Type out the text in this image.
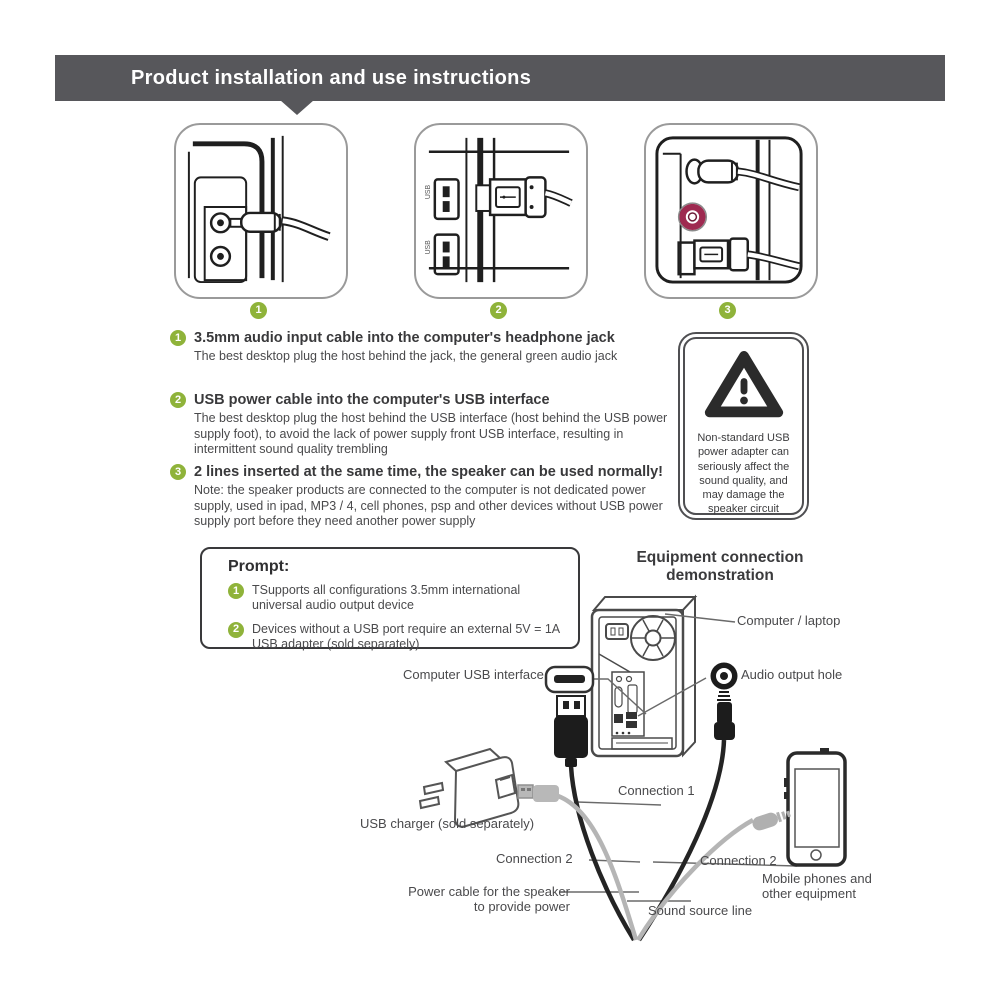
Product installation and use instructions
1
USB
USB
2	3
1 3.5mm audio input cable into the computer's headphone jack
The best desktop plug the host behind the jack, the general green audio jack
2 USB power cable into the computer's USB interface
The best desktop plug the host behind the USB interface (host behind the USB power supply foot), to avoid the lack of power supply front USB interface, resulting in intermittent sound quality trembling
3 2 lines inserted at the same time, the speaker can be used normally!
Note: the speaker products are connected to the computer is not dedicated power supply, used in ipad, MP3 / 4, cell phones, psp and other devices without USB power supply port before they need another power supply
Non-standard USB power adapter can seriously affect the sound quality, and may damage the speaker circuit
Prompt:
1	TSupports all configurations 3.5mm international universal audio output device
2	Devices without a USB port require an external 5V = 1A USB adapter (sold separately)
Equipment connection
demonstration
Computer / laptop
Audio output hole
Computer USB interface
USB charger (sold separately)
Connection 1
Connection 2	Connection 2
Mobile phones and other equipment
Power cable for the speaker to provide power	Sound source line
